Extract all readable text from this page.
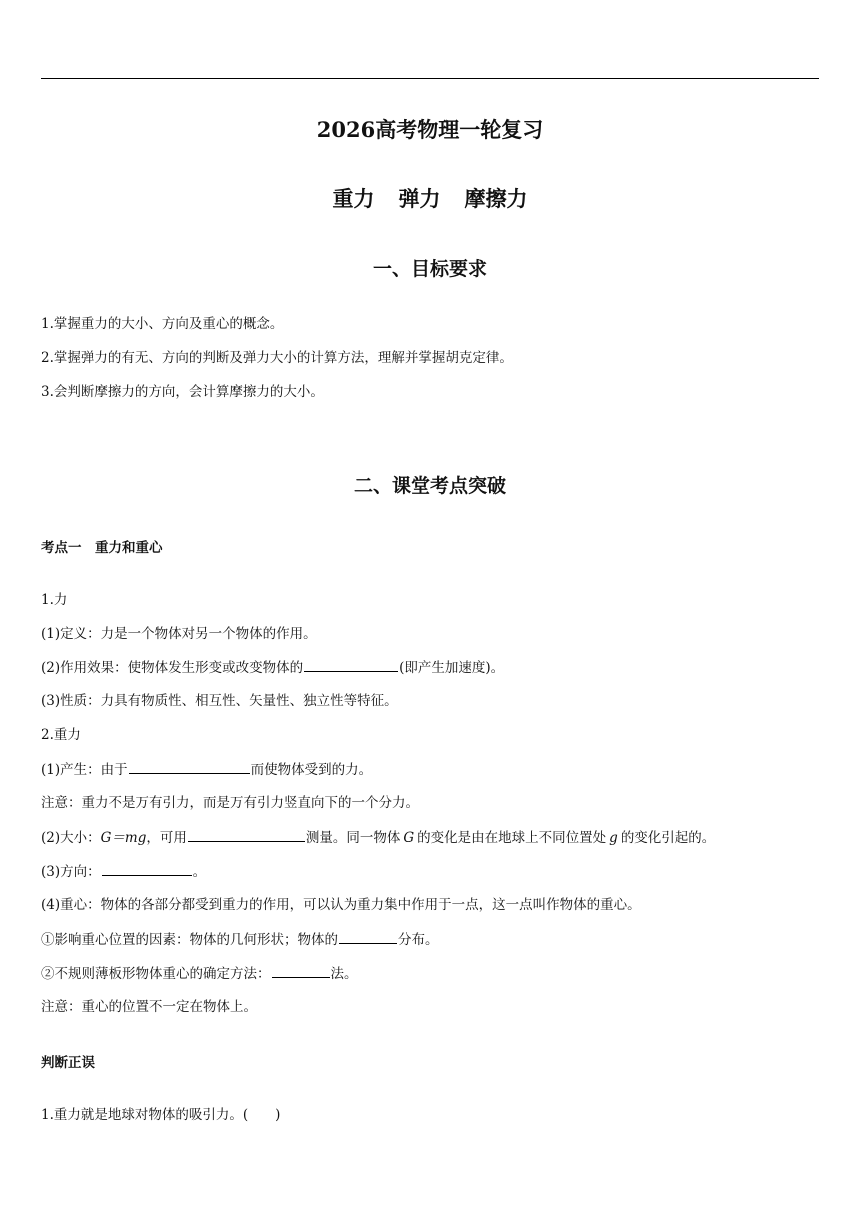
2026高考物理一轮复习
重力 弹力 摩擦力
一、目标要求
1.掌握重力的大小、方向及重心的概念。
2.掌握弹力的有无、方向的判断及弹力大小的计算方法，理解并掌握胡克定律。
3.会判断摩擦力的方向，会计算摩擦力的大小。
二、课堂考点突破
考点一　重力和重心
1.力
(1)定义：力是一个物体对另一个物体的作用。
(2)作用效果：使物体发生形变或改变物体的	(即产生加速度)。
(3)性质：力具有物质性、相互性、矢量性、独立性等特征。
2.重力
(1)产生：由于	而使物体受到的力。
注意：重力不是万有引力，而是万有引力竖直向下的一个分力。
(2)大小：G＝mg，可用	测量。同一物体 G 的变化是由在地球上不同位置处 g 的变化引起的。
(3)方向：	。
(4)重心：物体的各部分都受到重力的作用，可以认为重力集中作用于一点，这一点叫作物体的重心。
①影响重心位置的因素：物体的几何形状；物体的	分布。
②不规则薄板形物体重心的确定方法：	法。
注意：重心的位置不一定在物体上。
判断正误
1.重力就是地球对物体的吸引力。(　　)
